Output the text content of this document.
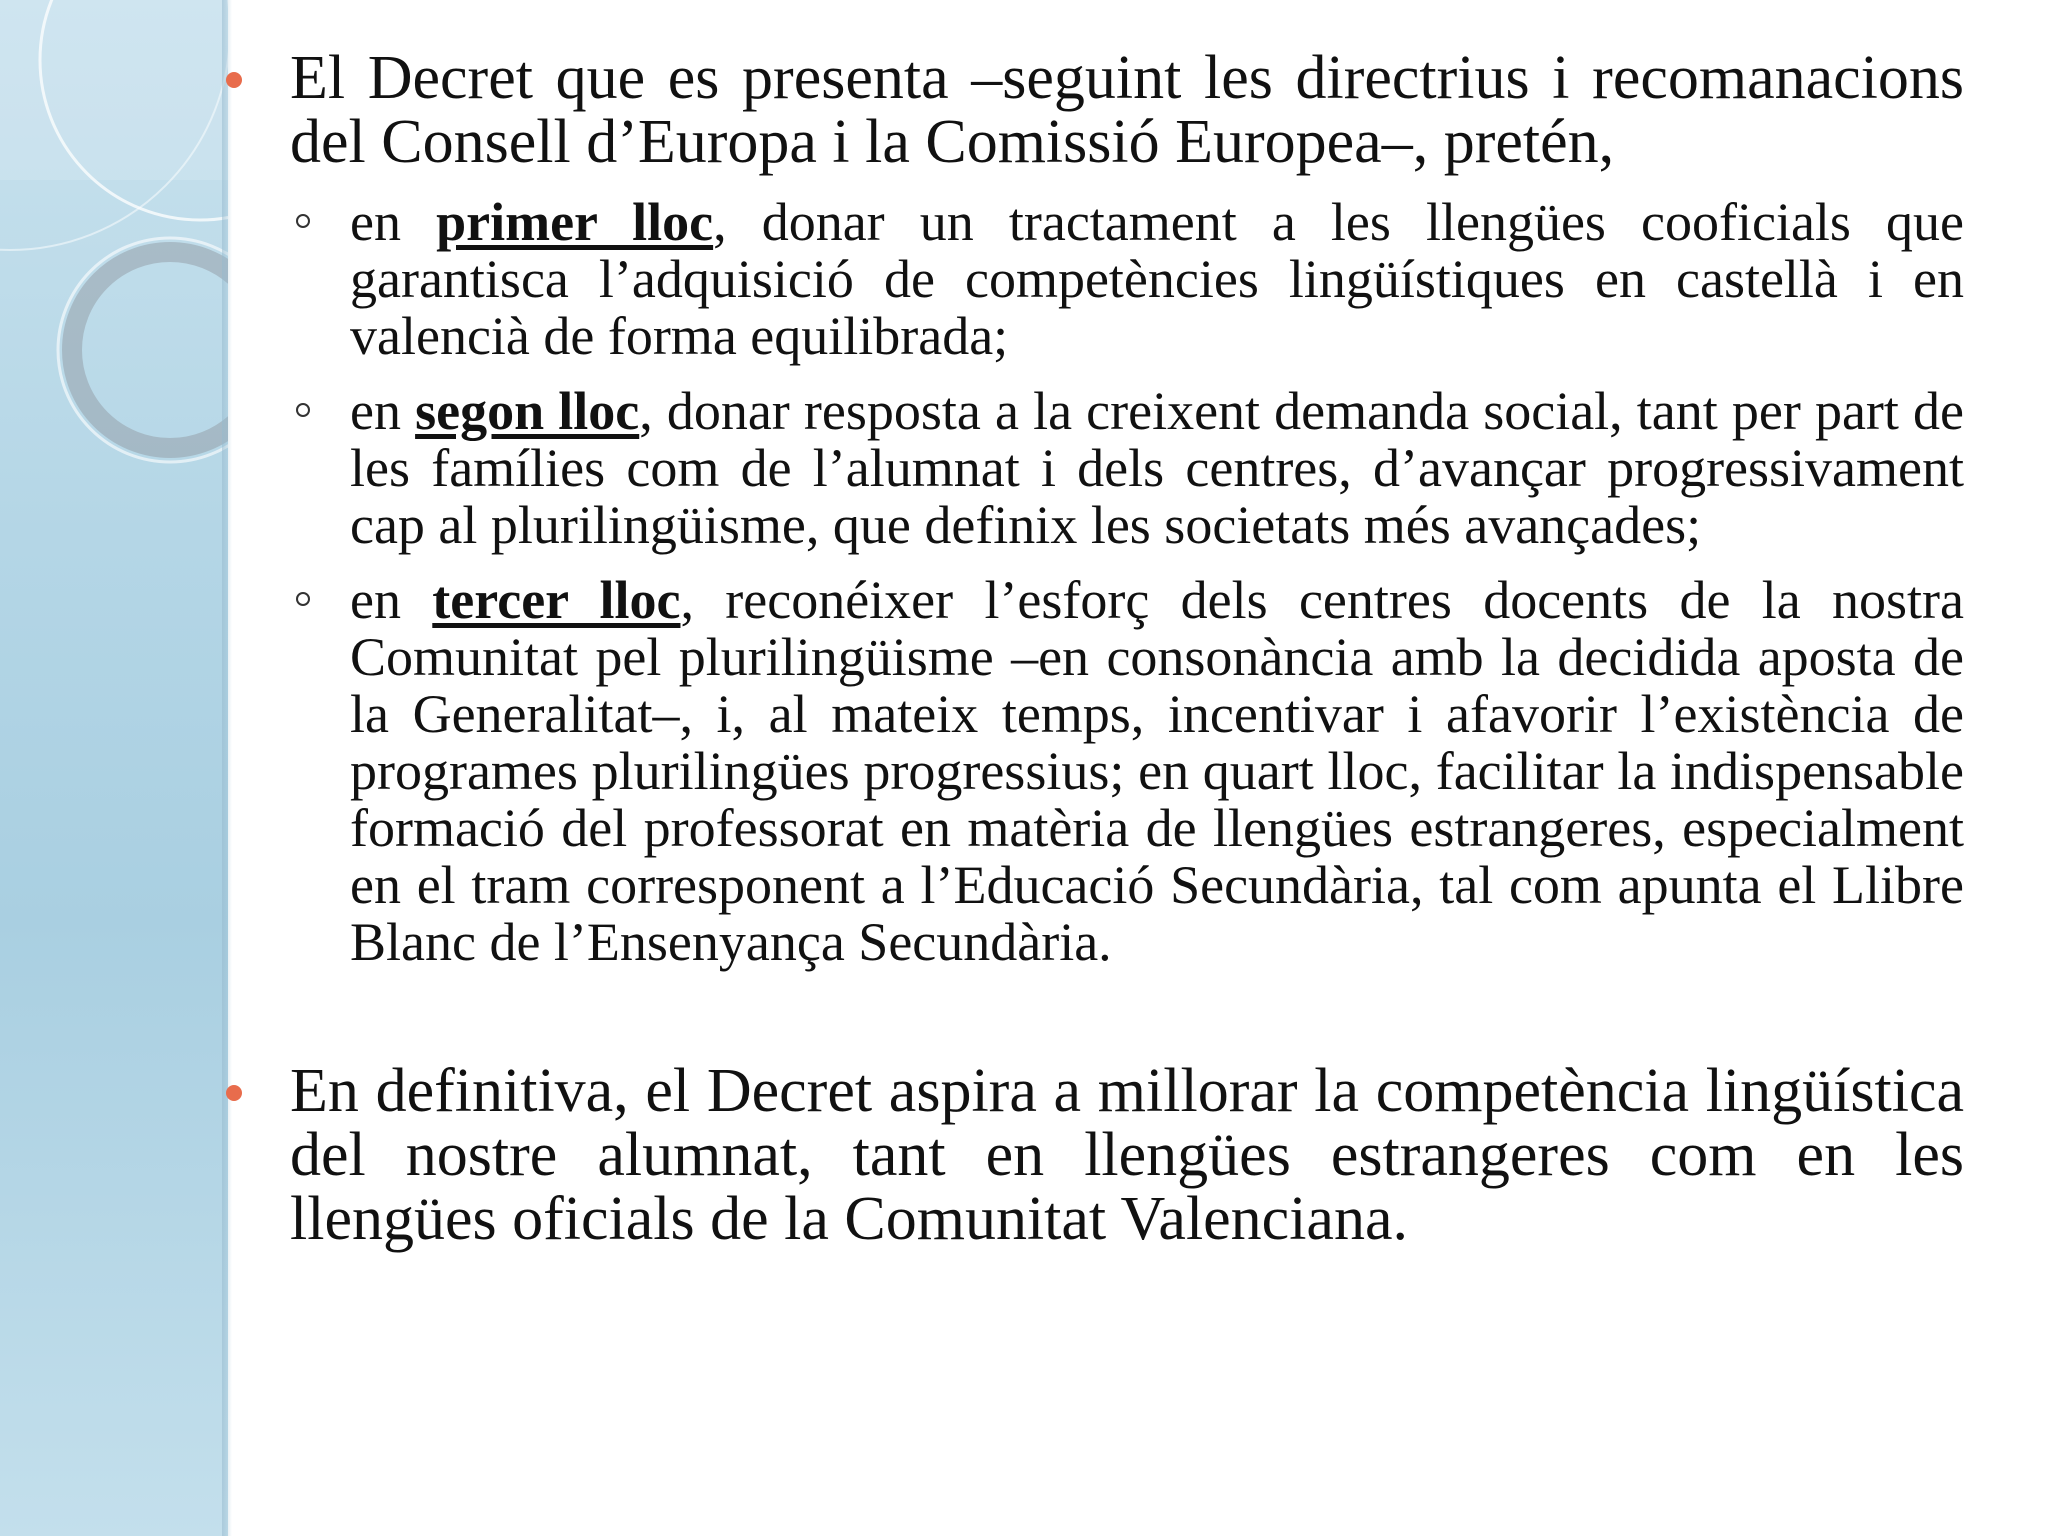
El Decret que es presenta –seguint les directrius i recomanacions del Consell d’Europa i la Comissió Europea–, pretén,
en primer lloc, donar un tractament a les llengües cooficials que garantisca l’adquisició de competències lingüístiques en castellà i en valencià de forma equilibrada;
en segon lloc, donar resposta a la creixent demanda social, tant per part de les famílies com de l’alumnat i dels centres, d’avançar progressivament cap al plurilingüisme, que definix les societats més avançades;
en tercer lloc, reconéixer l’esforç dels centres docents de la nostra Comunitat pel plurilingüisme –en consonància amb la decidida aposta de la Generalitat–, i, al mateix temps, incentivar i afavorir l’existència de programes plurilingües progressius; en quart lloc, facilitar la indispensable formació del professorat en matèria de llengües estrangeres, especialment en el tram corresponent a l’Educació Secundària, tal com apunta el Llibre Blanc de l’Ensenyança Secundària.
En definitiva, el Decret aspira a millorar la competència lingüística del nostre alumnat, tant en llengües estrangeres com en les llengües oficials de la Comunitat Valenciana.
